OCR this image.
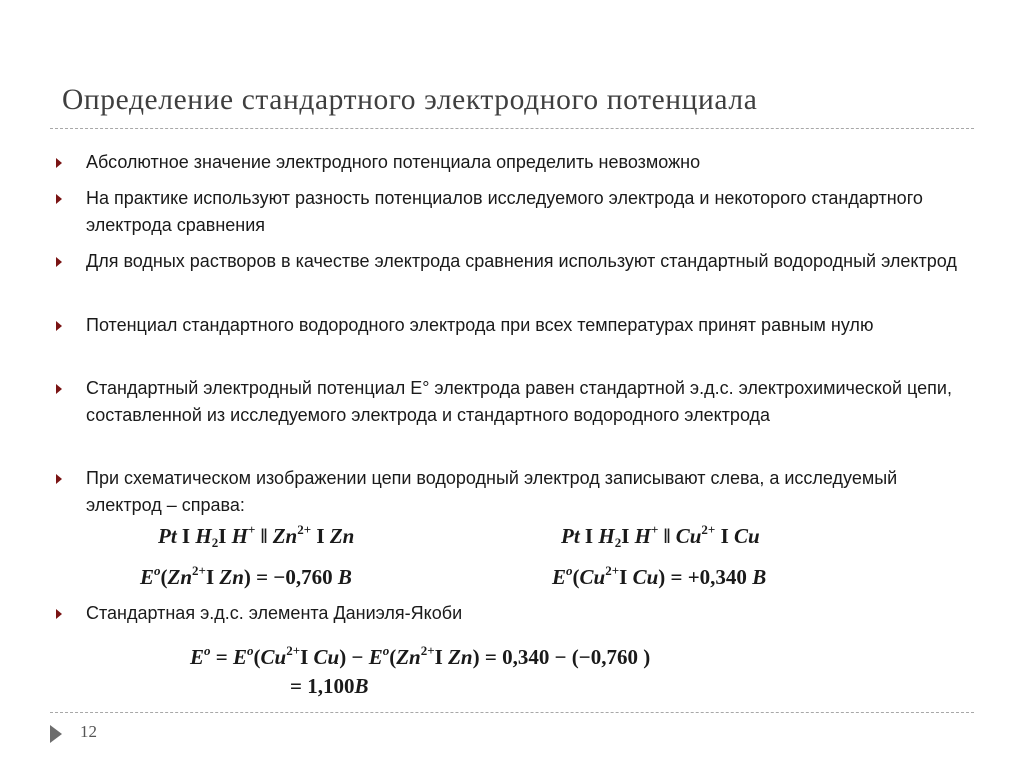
Определение стандартного электродного потенциала
Абсолютное значение электродного потенциала определить невозможно
На практике используют разность потенциалов исследуемого электрода и некоторого стандартного электрода сравнения
Для водных растворов в качестве электрода сравнения используют стандартный водородный электрод
Потенциал стандартного водородного электрода при всех температурах принят равным нулю
Стандартный электродный потенциал E° электрода равен стандартной э.д.с. электрохимической цепи, составленной из исследуемого электрода и стандартного водородного электрода
При схематическом изображении цепи водородный электрод записывают слева, а исследуемый электрод – справа:
Pt I $H_2I$ H+ ‖ $Zn^{2+}$ I Zn	Pt I $H_2I$ H+ ‖ $Cu^{2+}$ I Cu
$E^o(Zn^{2+}I$ Zn) = −0,760 B	$E^o(Cu^{2+}I$ Cu) = +0,340 B
Стандартная э.д.с. элемента Даниэля-Якоби
$E^o = E^o(Cu^{2+}I$ $Cu) - E^o(Zn^{2+}I$ Zn) = 0,340 − (−0,760 )
= 1,100B
12
